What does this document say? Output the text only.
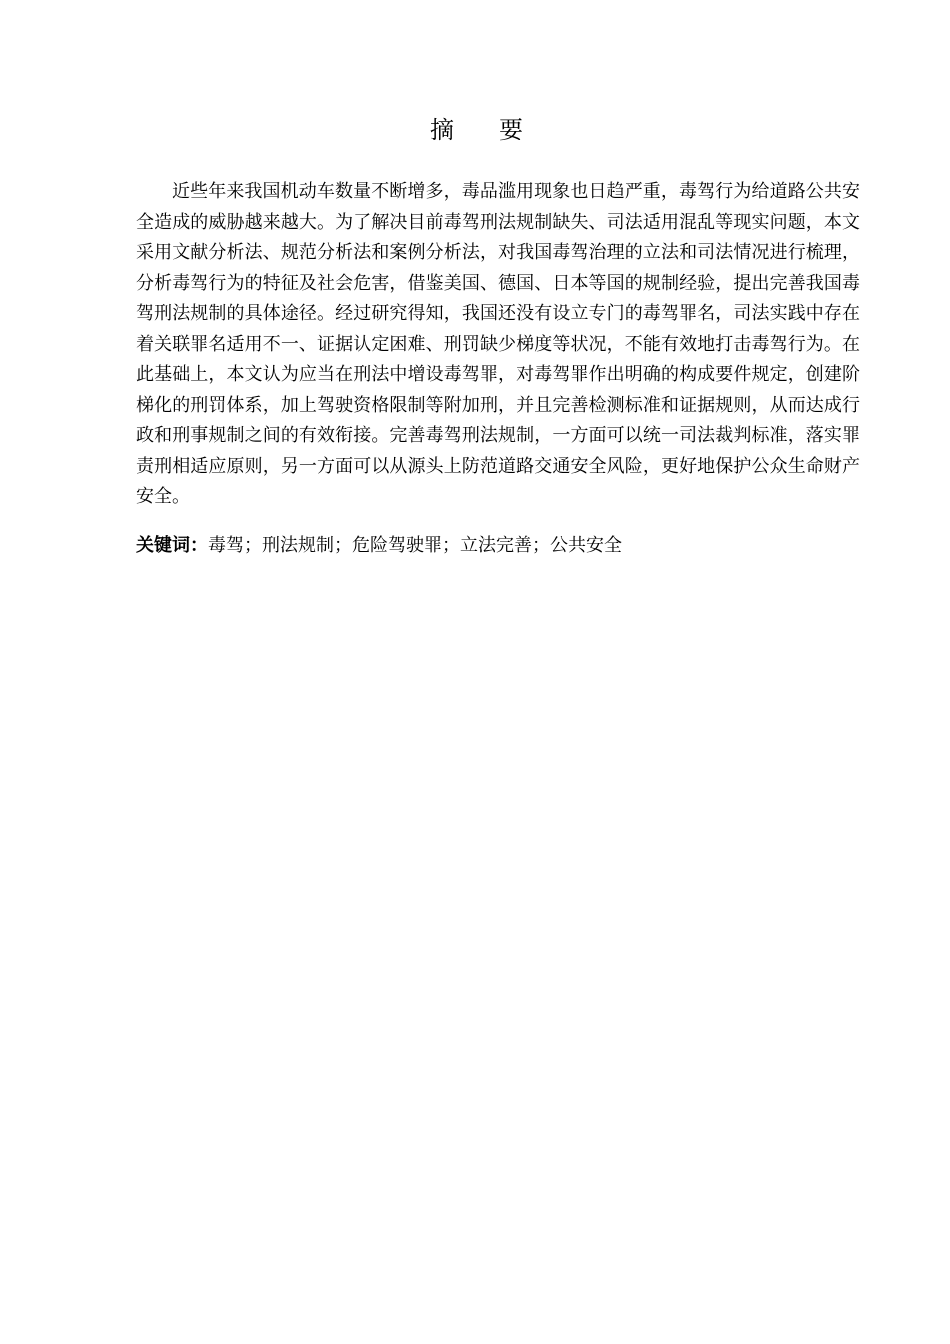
摘要

近些年来我国机动车数量不断增多，毒品滥用现象也日趋严重，毒驾行为给道路公共安全造成的威胁越来越大。为了解决目前毒驾刑法规制缺失、司法适用混乱等现实问题，本文采用文献分析法、规范分析法和案例分析法，对我国毒驾治理的立法和司法情况进行梳理，分析毒驾行为的特征及社会危害，借鉴美国、德国、日本等国的规制经验，提出完善我国毒驾刑法规制的具体途径。经过研究得知，我国还没有设立专门的毒驾罪名，司法实践中存在着关联罪名适用不一、证据认定困难、刑罚缺少梯度等状况，不能有效地打击毒驾行为。在此基础上，本文认为应当在刑法中增设毒驾罪，对毒驾罪作出明确的构成要件规定，创建阶梯化的刑罚体系，加上驾驶资格限制等附加刑，并且完善检测标准和证据规则，从而达成行政和刑事规制之间的有效衔接。完善毒驾刑法规制，一方面可以统一司法裁判标准，落实罪责刑相适应原则，另一方面可以从源头上防范道路交通安全风险，更好地保护公众生命财产安全。

关键词：毒驾；刑法规制；危险驾驶罪；立法完善；公共安全
